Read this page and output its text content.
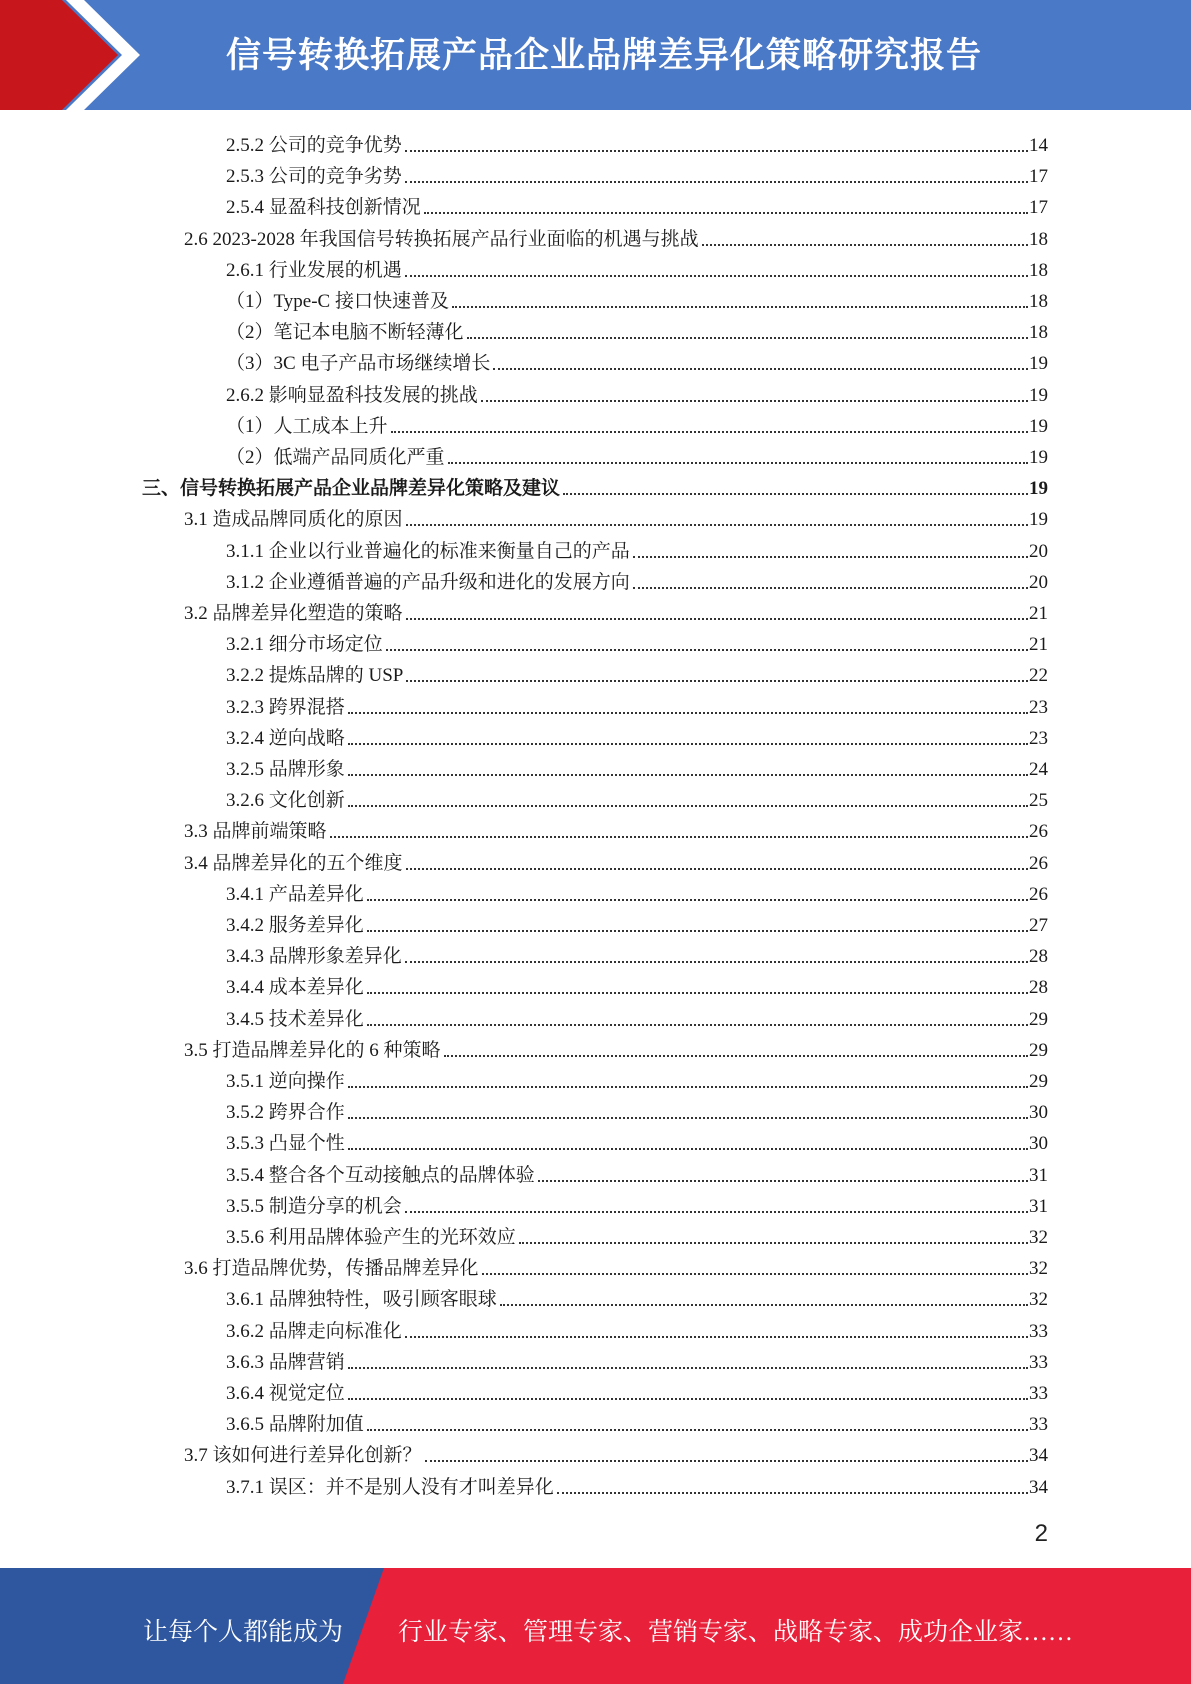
信号转换拓展产品企业品牌差异化策略研究报告
2.5.2 公司的竞争优势	14
2.5.3 公司的竞争劣势	17
2.5.4 显盈科技创新情况	17
2.6 2023-2028 年我国信号转换拓展产品行业面临的机遇与挑战	18
2.6.1 行业发展的机遇	18
（1）Type-C 接口快速普及	18
（2）笔记本电脑不断轻薄化	18
（3）3C 电子产品市场继续增长	19
2.6.2 影响显盈科技发展的挑战	19
（1）人工成本上升	19
（2）低端产品同质化严重	19
三、信号转换拓展产品企业品牌差异化策略及建议	19
3.1 造成品牌同质化的原因	19
3.1.1 企业以行业普遍化的标准来衡量自己的产品	20
3.1.2 企业遵循普遍的产品升级和进化的发展方向	20
3.2 品牌差异化塑造的策略	21
3.2.1 细分市场定位	21
3.2.2 提炼品牌的 USP	22
3.2.3 跨界混搭	23
3.2.4 逆向战略	23
3.2.5 品牌形象	24
3.2.6 文化创新	25
3.3 品牌前端策略	26
3.4 品牌差异化的五个维度	26
3.4.1 产品差异化	26
3.4.2 服务差异化	27
3.4.3 品牌形象差异化	28
3.4.4 成本差异化	28
3.4.5 技术差异化	29
3.5 打造品牌差异化的 6 种策略	29
3.5.1 逆向操作	29
3.5.2 跨界合作	30
3.5.3 凸显个性	30
3.5.4 整合各个互动接触点的品牌体验	31
3.5.5 制造分享的机会	31
3.5.6 利用品牌体验产生的光环效应	32
3.6 打造品牌优势，传播品牌差异化	32
3.6.1 品牌独特性，吸引顾客眼球	32
3.6.2 品牌走向标准化	33
3.6.3 品牌营销	33
3.6.4 视觉定位	33
3.6.5 品牌附加值	33
3.7 该如何进行差异化创新？	34
3.7.1 误区：并不是别人没有才叫差异化	34
2
让每个人都能成为 行业专家、管理专家、营销专家、战略专家、成功企业家……
